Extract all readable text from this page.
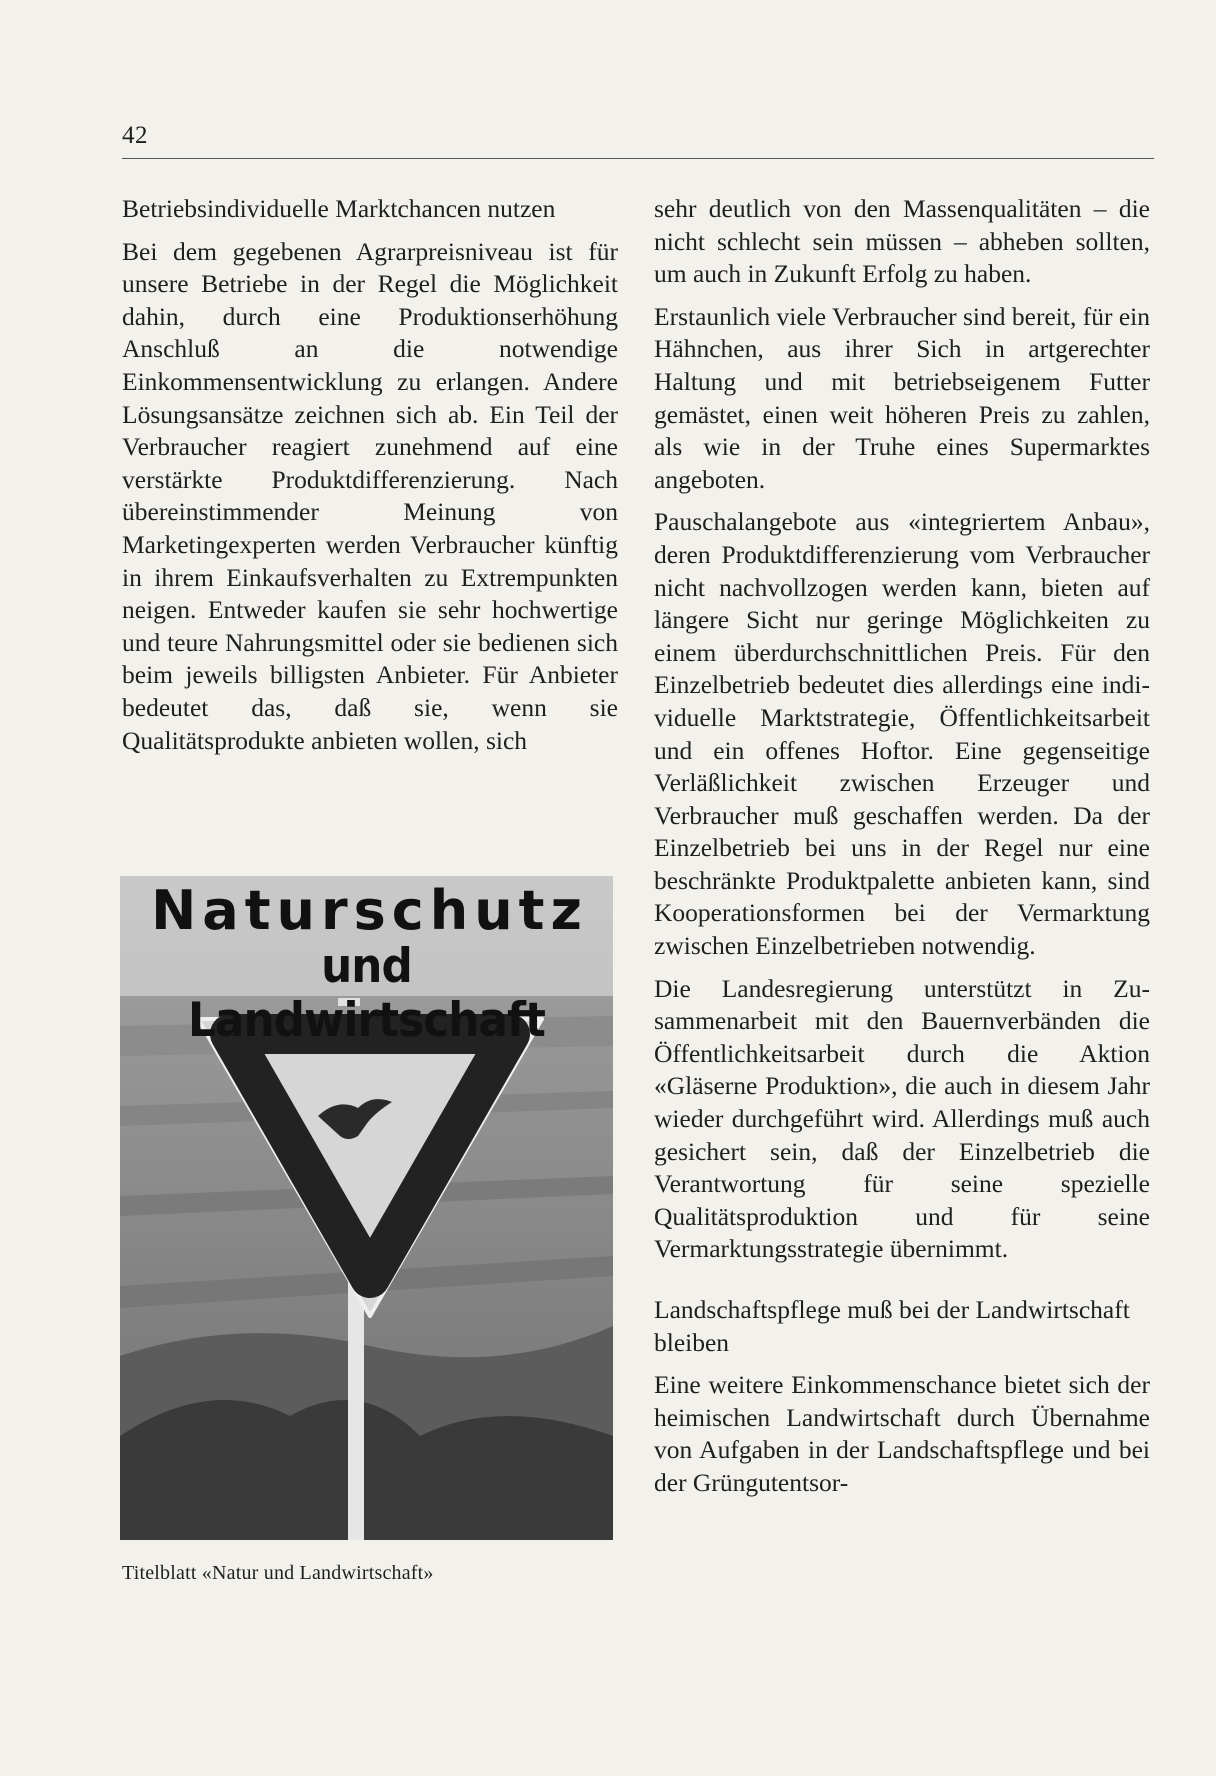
42
Betriebsindividuelle Marktchancen nutzen

Bei dem gegebenen Agrarpreisniveau ist für unsere Betriebe in der Regel die Möglichkeit dahin, durch eine Produktionserhöhung Anschluß an die notwendige Einkommensentwicklung zu erlangen. Andere Lösungsansätze zeichnen sich ab. Ein Teil der Verbraucher reagiert zunehmend auf eine verstärkte Produktdifferenzierung. Nach übereinstimmender Meinung von Marketingexperten werden Verbraucher künftig in ihrem Einkaufsverhalten zu Extrempunkten neigen. Entweder kaufen sie sehr hochwertige und teure Nahrungsmittel oder sie bedienen sich beim jeweils billigsten Anbieter. Für Anbieter bedeutet das, daß sie, wenn sie Qualitätsprodukte anbieten wollen, sich

Naturschutz
und Landwirtschaft
Titelblatt «Natur und Landwirtschaft»

sehr deutlich von den Massenqualitäten – die nicht schlecht sein müssen – abheben sollten, um auch in Zukunft Erfolg zu haben.

Erstaunlich viele Verbraucher sind bereit, für ein Hähnchen, aus ihrer Sich in artgerechter Haltung und mit betriebseigenem Futter gemästet, einen weit höheren Preis zu zahlen, als wie in der Truhe eines Supermarktes angeboten.

Pauschalangebote aus «integriertem Anbau», deren Produktdifferenzierung vom Verbraucher nicht nachvollzogen werden kann, bieten auf längere Sicht nur geringe Möglichkeiten zu einem überdurchschnittlichen Preis. Für den Einzelbetrieb bedeutet dies allerdings eine individuelle Marktstrategie, Öffentlichkeitsarbeit und ein offenes Hoftor. Eine gegenseitige Verläßlichkeit zwischen Erzeuger und Verbraucher muß geschaffen werden. Da der Einzelbetrieb bei uns in der Regel nur eine beschränkte Produktpalette anbieten kann, sind Kooperationsformen bei der Vermarktung zwischen Einzelbetrieben notwendig.

Die Landesregierung unterstützt in Zusammenarbeit mit den Bauernverbänden die Öffentlichkeitsarbeit durch die Aktion «Gläserne Produktion», die auch in diesem Jahr wieder durchgeführt wird. Allerdings muß auch gesichert sein, daß der Einzelbetrieb die Verantwortung für seine spezielle Qualitätsproduktion und für seine Vermarktungsstrategie übernimmt.

Landschaftspflege muß bei der Landwirtschaft bleiben

Eine weitere Einkommenschance bietet sich der heimischen Landwirtschaft durch Übernahme von Aufgaben in der Landschaftspflege und bei der Grüngutentsor-
